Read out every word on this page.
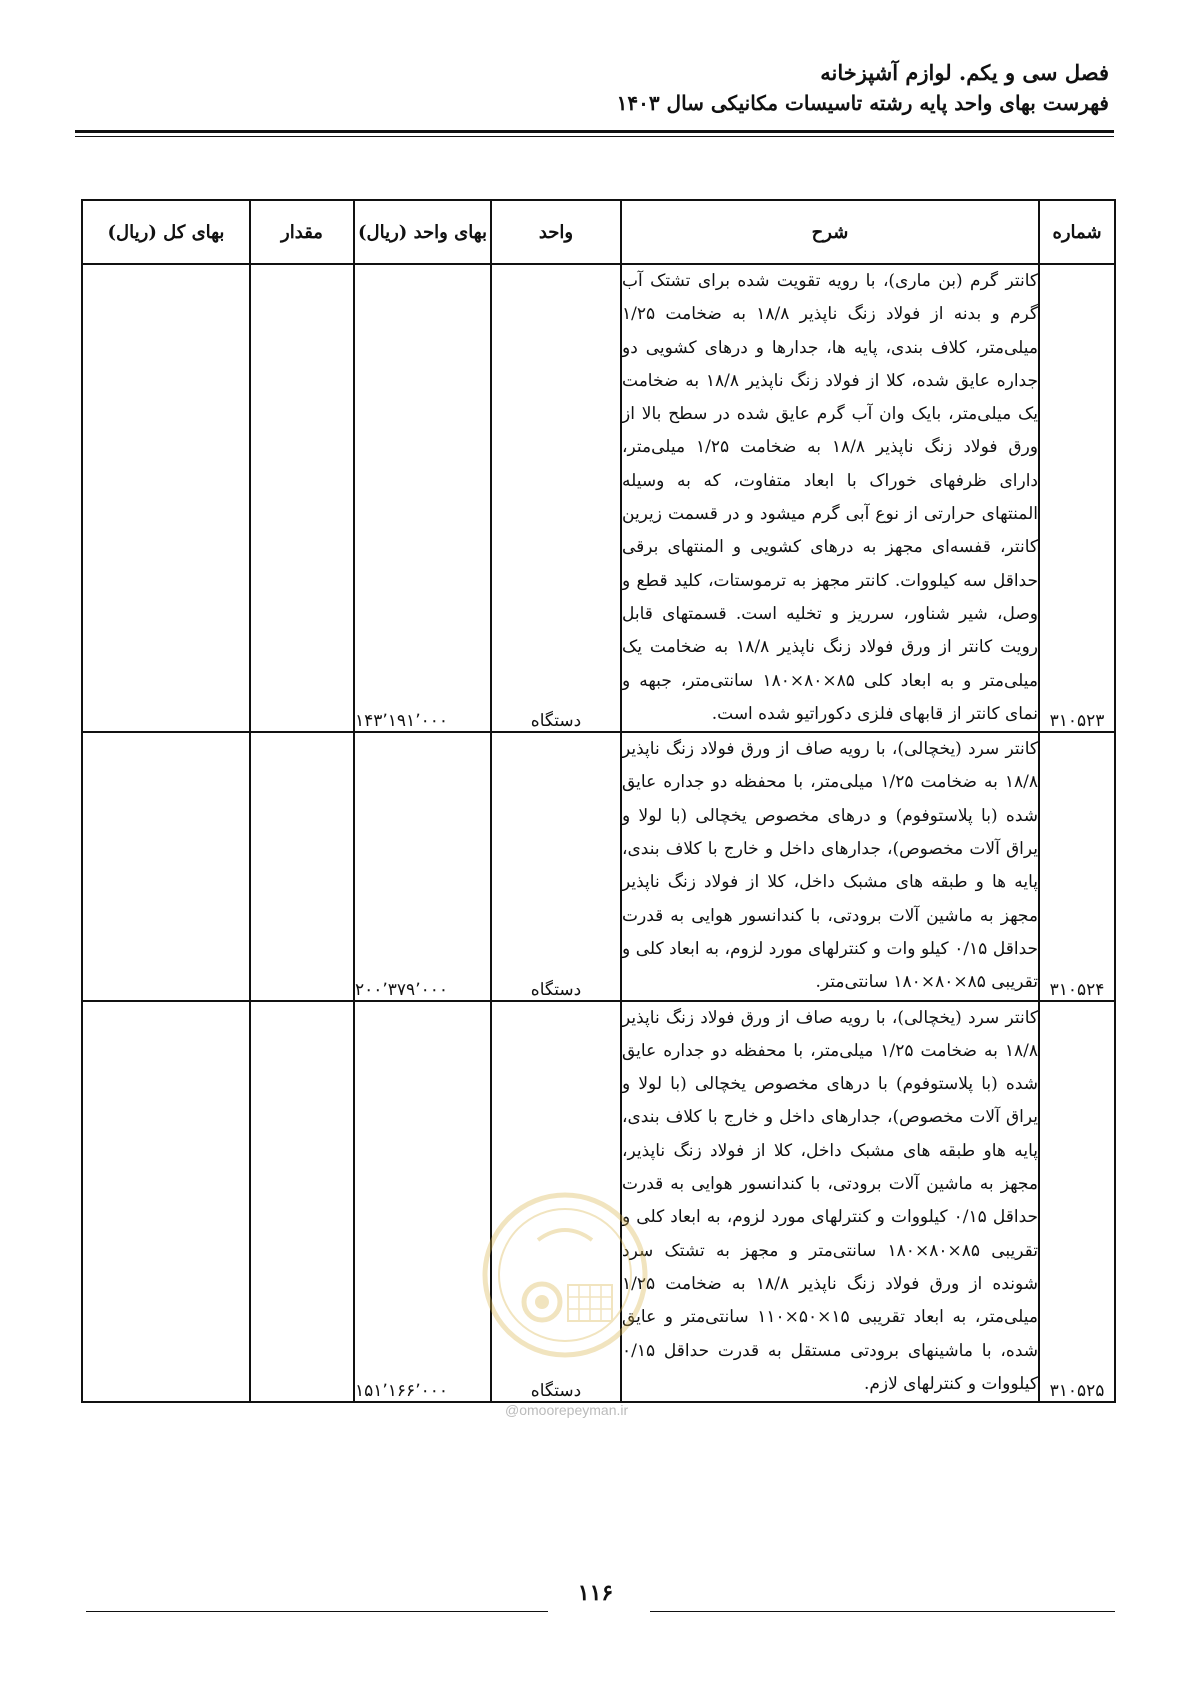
فصل سی و یکم. لوازم آشپزخانه
فهرست بهای واحد پایه رشته تاسیسات مکانیکی سال ۱۴۰۳
شماره	شرح	واحد	بهای واحد (ریال)	مقدار	بهای کل (ریال)
۳۱۰۵۲۳	کانتر گرم (بن ماری)، با رویه تقویت شده برای تشتک آب گرم و بدنه از فولاد زنگ ناپذیر ۱۸/۸ به ضخامت ۱/۲۵ میلی‌متر، کلاف بندی، پایه ها، جدارها و درهای کشویی دو جداره عایق شده، کلا از فولاد زنگ ناپذیر ۱۸/۸ به ضخامت یک میلی‌متر، بایک وان آب گرم عایق شده در سطح بالا از ورق فولاد زنگ ناپذیر ۱۸/۸ به ضخامت ۱/۲۵ میلی‌متر، دارای ظرفهای خوراک با ابعاد متفاوت، که به وسیله المنتهای حرارتی از نوع آبی گرم میشود و در قسمت زیرین کانتر، قفسه‌ای مجهز به درهای کشویی و المنتهای برقی حداقل سه کیلووات. کانتر مجهز به ترموستات، کلید قطع و وصل، شیر شناور، سرریز و تخلیه است. قسمتهای قابل رویت کانتر از ورق فولاد زنگ ناپذیر ۱۸/۸ به ضخامت یک میلی‌متر و به ابعاد کلی ۸۵×۸۰×۱۸۰ سانتی‌متر، جبهه و نمای کانتر از قابهای فلزی دکوراتیو شده است.	دستگاه	۱۴۳٬۱۹۱٬۰۰۰		
۳۱۰۵۲۴	کانتر سرد (یخچالی)، با رویه صاف از ورق فولاد زنگ ناپذیر ۱۸/۸ به ضخامت ۱/۲۵ میلی‌متر، با محفظه دو جداره عایق شده (با پلاستوفوم) و درهای مخصوص یخچالی (با لولا و یراق آلات مخصوص)، جدارهای داخل و خارج با کلاف بندی، پایه ها و طبقه های مشبک داخل، کلا از فولاد زنگ ناپذیر مجهز به ماشین آلات برودتی، با کندانسور هوایی به قدرت حداقل ۰/۱۵ کیلو وات و کنترلهای مورد لزوم، به ابعاد کلی و تقریبی ۸۵×۸۰×۱۸۰ سانتی‌متر.	دستگاه	۲۰۰٬۳۷۹٬۰۰۰		
۳۱۰۵۲۵	کانتر سرد (یخچالی)، با رویه صاف از ورق فولاد زنگ ناپذیر ۱۸/۸ به ضخامت ۱/۲۵ میلی‌متر، با محفظه دو جداره عایق شده (با پلاستوفوم) با درهای مخصوص یخچالی (با لولا و یراق آلات مخصوص)، جدارهای داخل و خارج با کلاف بندی، پایه هاو طبقه های مشبک داخل، کلا از فولاد زنگ ناپذیر، مجهز به ماشین آلات برودتی، با کندانسور هوایی به قدرت حداقل ۰/۱۵ کیلووات و کنترلهای مورد لزوم، به ابعاد کلی و تقریبی ۸۵×۸۰×۱۸۰ سانتی‌متر و مجهز به تشتک سرد شونده از ورق فولاد زنگ ناپذیر ۱۸/۸ به ضخامت ۱/۲۵ میلی‌متر، به ابعاد تقریبی ۱۵×۵۰×۱۱۰ سانتی‌متر و عایق شده، با ماشینهای برودتی مستقل به قدرت حداقل ۰/۱۵ کیلووات و کنترلهای لازم.	دستگاه	۱۵۱٬۱۶۶٬۰۰۰		
@omoorepeyman.ir
۱۱۶
